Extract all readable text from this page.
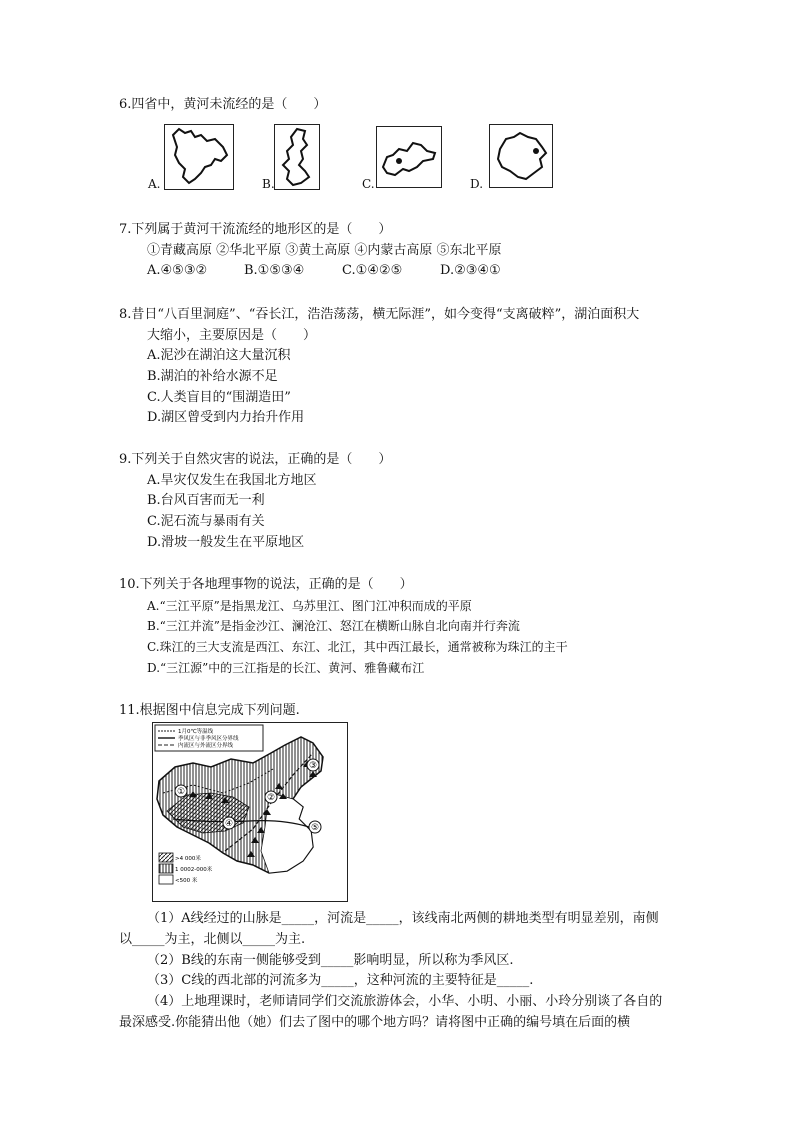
6.四省中，黄河未流经的是（　　）
A.	B.	C.	D.
7.下列属于黄河干流流经的地形区的是（　　）
①青藏高原 ②华北平原 ③黄土高原 ④内蒙古高原 ⑤东北平原
A.④⑤③②	B.①⑤③④	C.①④②⑤	D.②③④①
8.昔日“八百里洞庭”、“吞长江，浩浩荡荡，横无际涯”，如今变得“支离破粹”，湖泊面积大
大缩小，主要原因是（　　）
A.泥沙在湖泊这大量沉积
B.湖泊的补给水源不足
C.人类盲目的“围湖造田”
D.湖区曾受到内力抬升作用
9.下列关于自然灾害的说法，正确的是（　　）
A.旱灾仅发生在我国北方地区
B.台风百害而无一利
C.泥石流与暴雨有关
D.滑坡一般发生在平原地区
10.下列关于各地理事物的说法，正确的是（　　）
A.“三江平原”是指黑龙江、乌苏里江、图门江冲积而成的平原
B.“三江并流”是指金沙江、澜沧江、怒江在横断山脉自北向南并行奔流
C.珠江的三大支流是西江、东江、北江，其中西江最长，通常被称为珠江的主干
D.“三江源”中的三江指是的长江、黄河、雅鲁藏布江
11.根据图中信息完成下列问题.
1月0℃等温线
季风区与非季风区分界线
内流区与外流区分界线
①
②
③
④	⑤
>4 000米
1 0002-000米
<500 米
（1）A线经过的山脉是_____，河流是_____，该线南北两侧的耕地类型有明显差别，南侧
以_____为主，北侧以_____为主.
（2）B线的东南一侧能够受到_____影响明显，所以称为季风区.
（3）C线的西北部的河流多为_____，这种河流的主要特征是_____.
（4）上地理课时，老师请同学们交流旅游体会，小华、小明、小丽、小玲分别谈了各自的
最深感受.你能猜出他（她）们去了图中的哪个地方吗？请将图中正确的编号填在后面的横
